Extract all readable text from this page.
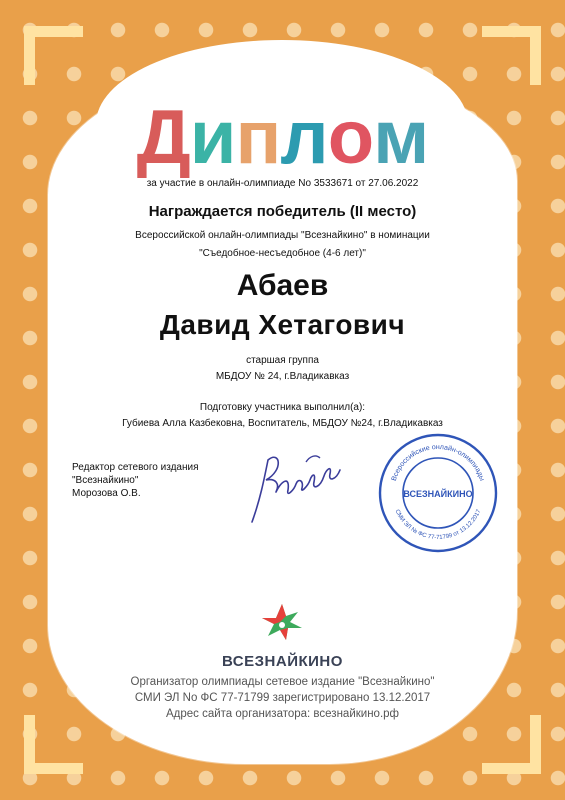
Диплом
за участие в онлайн-олимпиаде No 3533671 от 27.06.2022
Награждается победитель (II место)
Всероссийской онлайн-олимпиады "Всезнайкино" в номинации
"Съедобное-несъедобное (4-6 лет)"
Абаев
Давид Хетагович
старшая группа
МБДОУ № 24, г.Владикавказ
Подготовку участника выполнил(а):
Губиева Алла Казбековна, Воспитатель, МБДОУ №24, г.Владикавказ
Редактор сетевого издания
"Всезнайкино"
Морозова О.В.
Всероссийские онлайн-олимпиады
СМИ ЭЛ № ФС 77-71799 от 13.12.2017
ВСЕЗНАЙКИНО
ВСЕЗНАЙКИНО
Организатор олимпиады сетевое издание "Всезнайкино"
СМИ ЭЛ No ФС 77-71799 зарегистрировано 13.12.2017
Адрес сайта организатора: всезнайкино.рф
